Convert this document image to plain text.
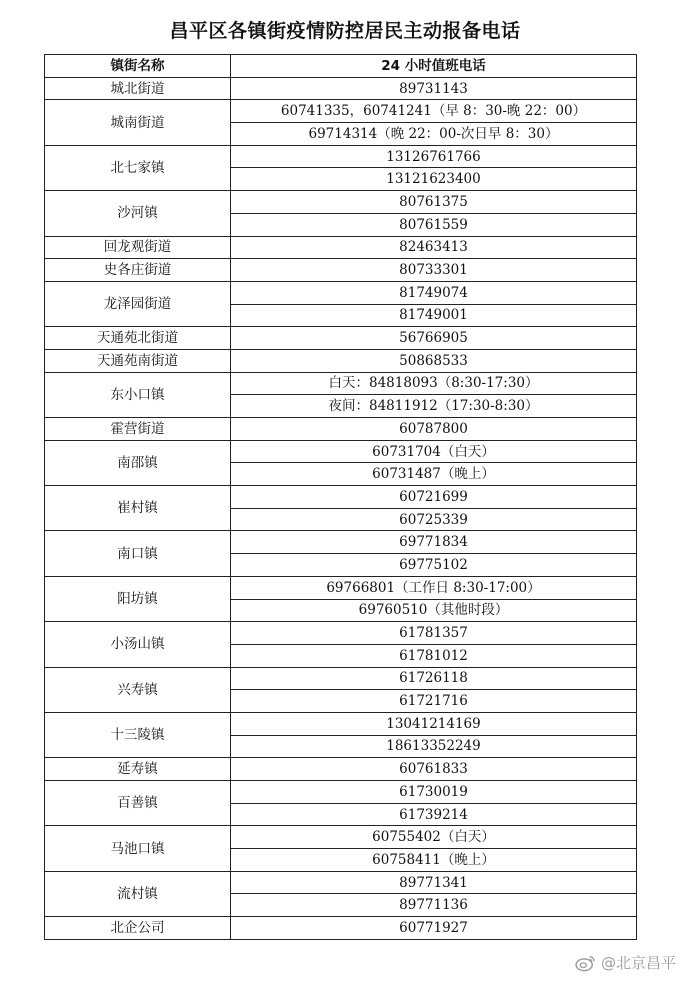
昌平区各镇街疫情防控居民主动报备电话
镇街名称	24 小时值班电话
城北街道	89731143
城南街道	60741335，60741241（早 8：30-晚 22：00）
	69714314（晚 22：00-次日早 8：30）
北七家镇	13126761766
	13121623400
沙河镇	80761375
	80761559
回龙观街道	82463413
史各庄街道	80733301
龙泽园街道	81749074
	81749001
天通苑北街道	56766905
天通苑南街道	50868533
东小口镇	白天：84818093（8:30-17:30）
	夜间：84811912（17:30-8:30）
霍营街道	60787800
南邵镇	60731704（白天）
	60731487（晚上）
崔村镇	60721699
	60725339
南口镇	69771834
	69775102
阳坊镇	69766801（工作日 8:30-17:00）
	69760510（其他时段）
小汤山镇	61781357
	61781012
兴寿镇	61726118
	61721716
十三陵镇	13041214169
	18613352249
延寿镇	60761833
百善镇	61730019
	61739214
马池口镇	60755402（白天）
	60758411（晚上）
流村镇	89771341
	89771136
北企公司	60771927
@北京昌平
